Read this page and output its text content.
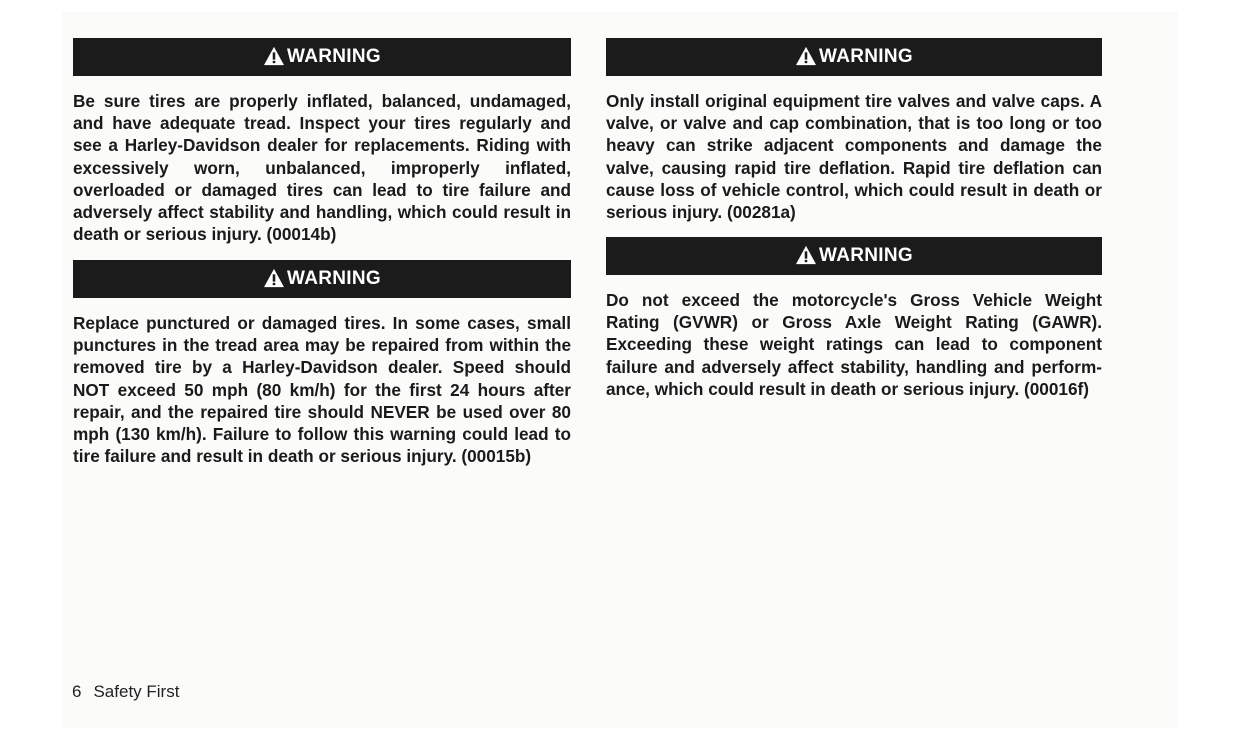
WARNING

Be sure tires are properly inflated, balanced, undamaged, and have adequate tread. Inspect your tires regularly and see a Harley-Davidson dealer for replacements. Riding with excessively worn, unbalanced, improperly inflated, overloaded or damaged tires can lead to tire failure and adversely affect stability and handling, which could result in death or serious injury. (00014b)

WARNING

Replace punctured or damaged tires. In some cases, small punctures in the tread area may be repaired from within the removed tire by a Harley-Davidson dealer. Speed should NOT exceed 50 mph (80 km/h) for the first 24 hours after repair, and the repaired tire should NEVER be used over 80 mph (130 km/h). Failure to follow this warning could lead to tire failure and result in death or serious injury. (00015b)

WARNING

Only install original equipment tire valves and valve caps. A valve, or valve and cap combination, that is too long or too heavy can strike adjacent components and damage the valve, causing rapid tire deflation. Rapid tire deflation can cause loss of vehicle control, which could result in death or serious injury. (00281a)

WARNING

Do not exceed the motorcycle's Gross Vehicle Weight Rating (GVWR) or Gross Axle Weight Rating (GAWR). Exceeding these weight ratings can lead to component failure and adversely affect stability, handling and performance, which could result in death or serious injury. (00016f)

6 Safety First
